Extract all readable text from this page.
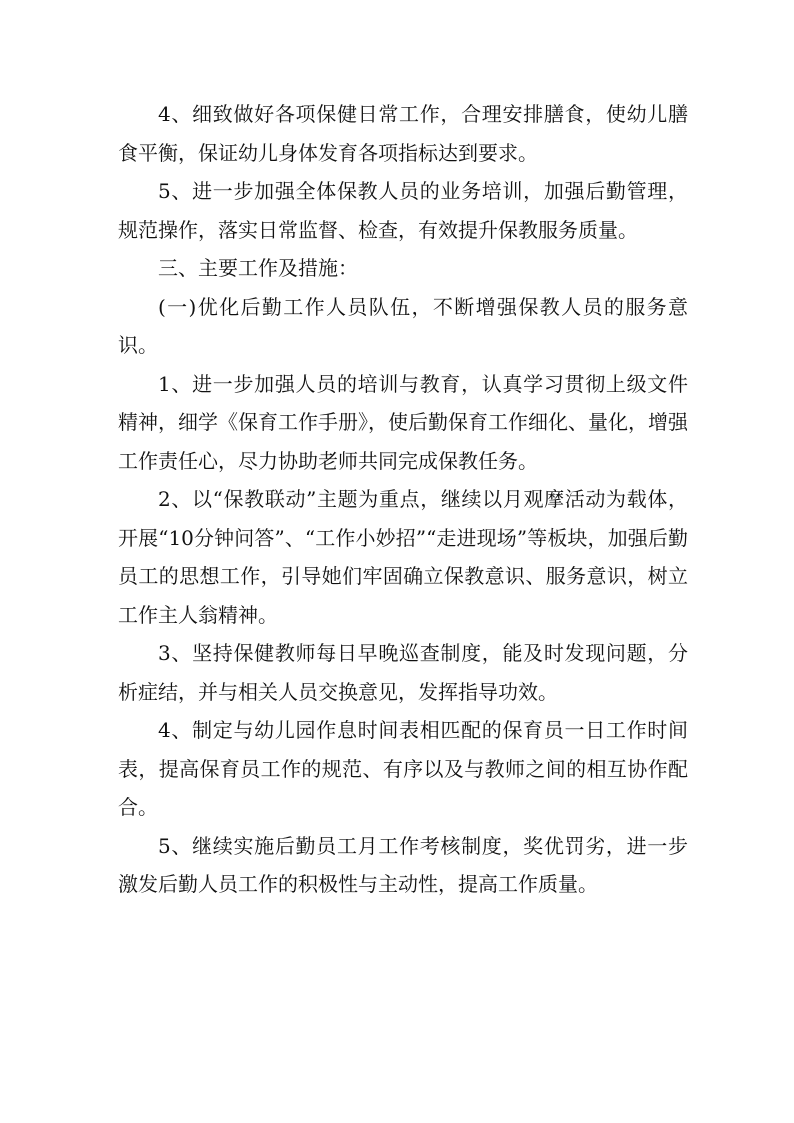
4、细致做好各项保健日常工作，合理安排膳食，使幼儿膳食平衡，保证幼儿身体发育各项指标达到要求。

5、进一步加强全体保教人员的业务培训，加强后勤管理，规范操作，落实日常监督、检查，有效提升保教服务质量。

三、主要工作及措施：

(一)优化后勤工作人员队伍，不断增强保教人员的服务意识。

1、进一步加强人员的培训与教育，认真学习贯彻上级文件精神，细学《保育工作手册》，使后勤保育工作细化、量化，增强工作责任心，尽力协助老师共同完成保教任务。

2、以“保教联动”主题为重点，继续以月观摩活动为载体，开展“10分钟问答”、“工作小妙招”“走进现场”等板块，加强后勤员工的思想工作，引导她们牢固确立保教意识、服务意识，树立工作主人翁精神。

3、坚持保健教师每日早晚巡查制度，能及时发现问题，分析症结，并与相关人员交换意见，发挥指导功效。

4、制定与幼儿园作息时间表相匹配的保育员一日工作时间表，提高保育员工作的规范、有序以及与教师之间的相互协作配合。

5、继续实施后勤员工月工作考核制度，奖优罚劣，进一步激发后勤人员工作的积极性与主动性，提高工作质量。
